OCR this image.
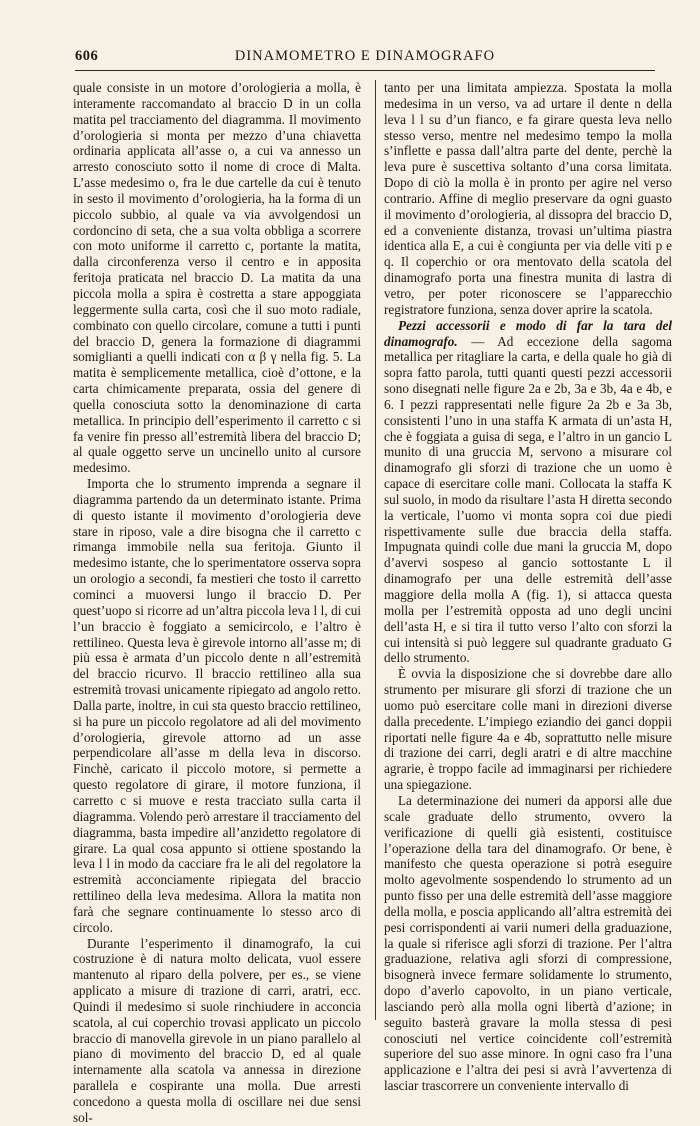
606	DINAMOMETRO E DINAMOGRAFO

quale consiste in un motore d’orologieria a molla, è interamente raccomandato al braccio D in un colla matita pel tracciamento del diagramma. Il movimento d’orologieria si monta per mezzo d’una chiavetta ordinaria applicata all’asse o, a cui va annesso un arresto conosciuto sotto il nome di croce di Malta. L’asse medesimo o, fra le due cartelle da cui è tenuto in sesto il movimento d’orologieria, ha la forma di un piccolo subbio, al quale va via avvolgendosi un cordoncino di seta, che a sua volta obbliga a scorrere con moto uniforme il carretto c, portante la matita, dalla circonferenza verso il centro e in apposita feritoja praticata nel braccio D. La matita da una piccola molla a spira è costretta a stare appoggiata leggermente sulla carta, così che il suo moto radiale, combinato con quello circolare, comune a tutti i punti del braccio D, genera la formazione di diagrammi somiglianti a quelli indicati con α β γ nella fig. 5. La matita è semplicemente metallica, cioè d’ottone, e la carta chimicamente preparata, ossia del genere di quella conosciuta sotto la denominazione di carta metallica. In principio dell’esperimento il carretto c si fa venire fin presso all’estremità libera del braccio D; al quale oggetto serve un uncinello unito al cursore medesimo.

Importa che lo strumento imprenda a segnare il diagramma partendo da un determinato istante. Prima di questo istante il movimento d’orologieria deve stare in riposo, vale a dire bisogna che il carretto c rimanga immobile nella sua feritoja. Giunto il medesimo istante, che lo sperimentatore osserva sopra un orologio a secondi, fa mestieri che tosto il carretto cominci a muoversi lungo il braccio D. Per quest’uopo si ricorre ad un’altra piccola leva l l, di cui l’un braccio è foggiato a semicircolo, e l’altro è rettilineo. Questa leva è girevole intorno all’asse m; di più essa è armata d’un piccolo dente n all’estremità del braccio ricurvo. Il braccio rettilineo alla sua estremità trovasi unicamente ripiegato ad angolo retto. Dalla parte, inoltre, in cui sta questo braccio rettilineo, si ha pure un piccolo regolatore ad ali del movimento d’orologieria, girevole attorno ad un asse perpendicolare all’asse m della leva in discorso. Finchè, caricato il piccolo motore, si permette a questo regolatore di girare, il motore funziona, il carretto c si muove e resta tracciato sulla carta il diagramma. Volendo però arrestare il tracciamento del diagramma, basta impedire all’anzidetto regolatore di girare. La qual cosa appunto si ottiene spostando la leva l l in modo da cacciare fra le ali del regolatore la estremità acconciamente ripiegata del braccio rettilineo della leva medesima. Allora la matita non farà che segnare continuamente lo stesso arco di circolo.

Durante l’esperimento il dinamografo, la cui costruzione è di natura molto delicata, vuol essere mantenuto al riparo della polvere, per es., se viene applicato a misure di trazione di carri, aratri, ecc. Quindi il medesimo si suole rinchiudere in acconcia scatola, al cui coperchio trovasi applicato un piccolo braccio di manovella girevole in un piano parallelo al piano di movimento del braccio D, ed al quale internamente alla scatola va annessa in direzione parallela e cospirante una molla. Due arresti concedono a questa molla di oscillare nei due sensi sol-

tanto per una limitata ampiezza. Spostata la molla medesima in un verso, va ad urtare il dente n della leva l l su d’un fianco, e fa girare questa leva nello stesso verso, mentre nel medesimo tempo la molla s’inflette e passa dall’altra parte del dente, perchè la leva pure è suscettiva soltanto d’una corsa limitata. Dopo di ciò la molla è in pronto per agire nel verso contrario. Affine di meglio preservare da ogni guasto il movimento d’orologieria, al dissopra del braccio D, ed a conveniente distanza, trovasi un’ultima piastra identica alla E, a cui è congiunta per via delle viti p e q. Il coperchio or ora mentovato della scatola del dinamografo porta una finestra munita di lastra di vetro, per poter riconoscere se l’apparecchio registratore funziona, senza dover aprire la scatola.

Pezzi accessorii e modo di far la tara del dinamografo. — Ad eccezione della sagoma metallica per ritagliare la carta, e della quale ho già di sopra fatto parola, tutti quanti questi pezzi accessorii sono disegnati nelle figure 2a e 2b, 3a e 3b, 4a e 4b, e 6. I pezzi rappresentati nelle figure 2a 2b e 3a 3b, consistenti l’uno in una staffa K armata di un’asta H, che è foggiata a guisa di sega, e l’altro in un gancio L munito di una gruccia M, servono a misurare col dinamografo gli sforzi di trazione che un uomo è capace di esercitare colle mani. Collocata la staffa K sul suolo, in modo da risultare l’asta H diretta secondo la verticale, l’uomo vi monta sopra coi due piedi rispettivamente sulle due braccia della staffa. Impugnata quindi colle due mani la gruccia M, dopo d’avervi sospeso al gancio sottostante L il dinamografo per una delle estremità dell’asse maggiore della molla A (fig. 1), si attacca questa molla per l’estremità opposta ad uno degli uncini dell’asta H, e si tira il tutto verso l’alto con sforzi la cui intensità si può leggere sul quadrante graduato G dello strumento.

È ovvia la disposizione che si dovrebbe dare allo strumento per misurare gli sforzi di trazione che un uomo può esercitare colle mani in direzioni diverse dalla precedente. L’impiego eziandio dei ganci doppii riportati nelle figure 4a e 4b, soprattutto nelle misure di trazione dei carri, degli aratri e di altre macchine agrarie, è troppo facile ad immaginarsi per richiedere una spiegazione.

La determinazione dei numeri da apporsi alle due scale graduate dello strumento, ovvero la verificazione di quelli già esistenti, costituisce l’operazione della tara del dinamografo. Or bene, è manifesto che questa operazione si potrà eseguire molto agevolmente sospendendo lo strumento ad un punto fisso per una delle estremità dell’asse maggiore della molla, e poscia applicando all’altra estremità dei pesi corrispondenti ai varii numeri della graduazione, la quale si riferisce agli sforzi di trazione. Per l’altra graduazione, relativa agli sforzi di compressione, bisognerà invece fermare solidamente lo strumento, dopo d’averlo capovolto, in un piano verticale, lasciando però alla molla ogni libertà d’azione; in seguito basterà gravare la molla stessa di pesi conosciuti nel vertice coincidente coll’estremità superiore del suo asse minore. In ogni caso fra l’una applicazione e l’altra dei pesi si avrà l’avvertenza di lasciar trascorrere un conveniente intervallo di
